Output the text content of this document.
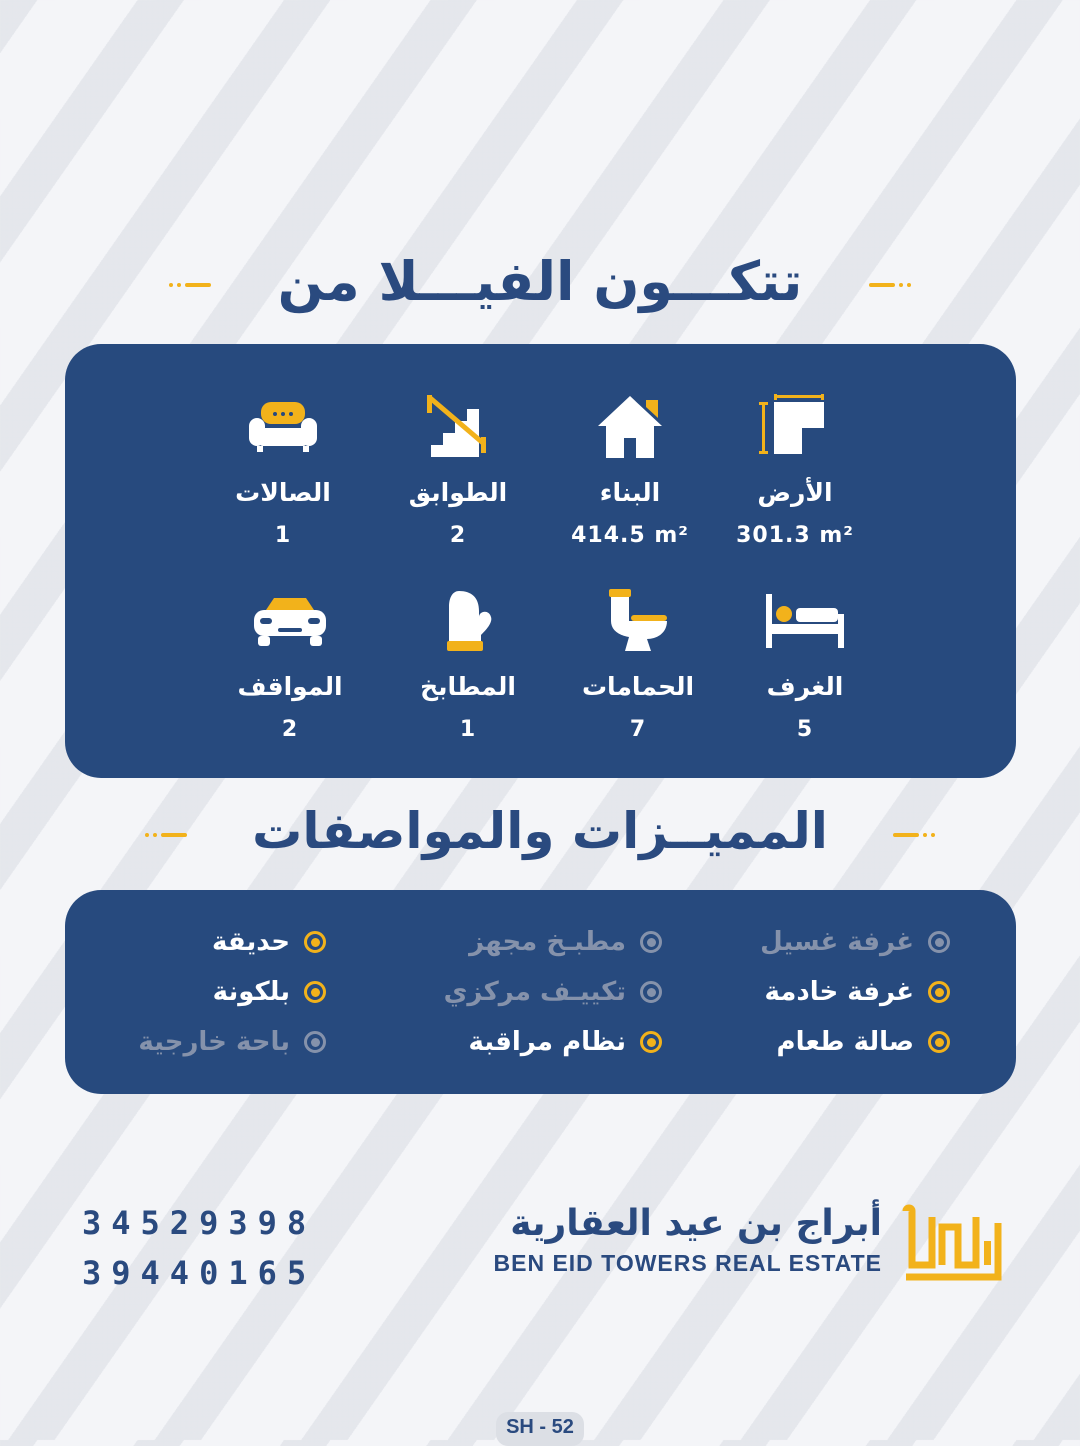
تتكـــون الفيـــلا من
الأرض
301.3 m²
البناء
414.5 m²
الطوابق
2
الصالات
1
الغرف
5
الحمامات
7
المطابخ
1
المواقف
2
المميــزات والمواصفات
غرفة غسيل
غرفة خادمة
صالة طعام
مطبـخ مجهز
تكييـف مركزي
نظام مراقبة
حديقة
بلكونة
باحة خارجية
34529398
39440165
أبراج بن عيد العقارية
BEN EID TOWERS REAL ESTATE
SH - 52
